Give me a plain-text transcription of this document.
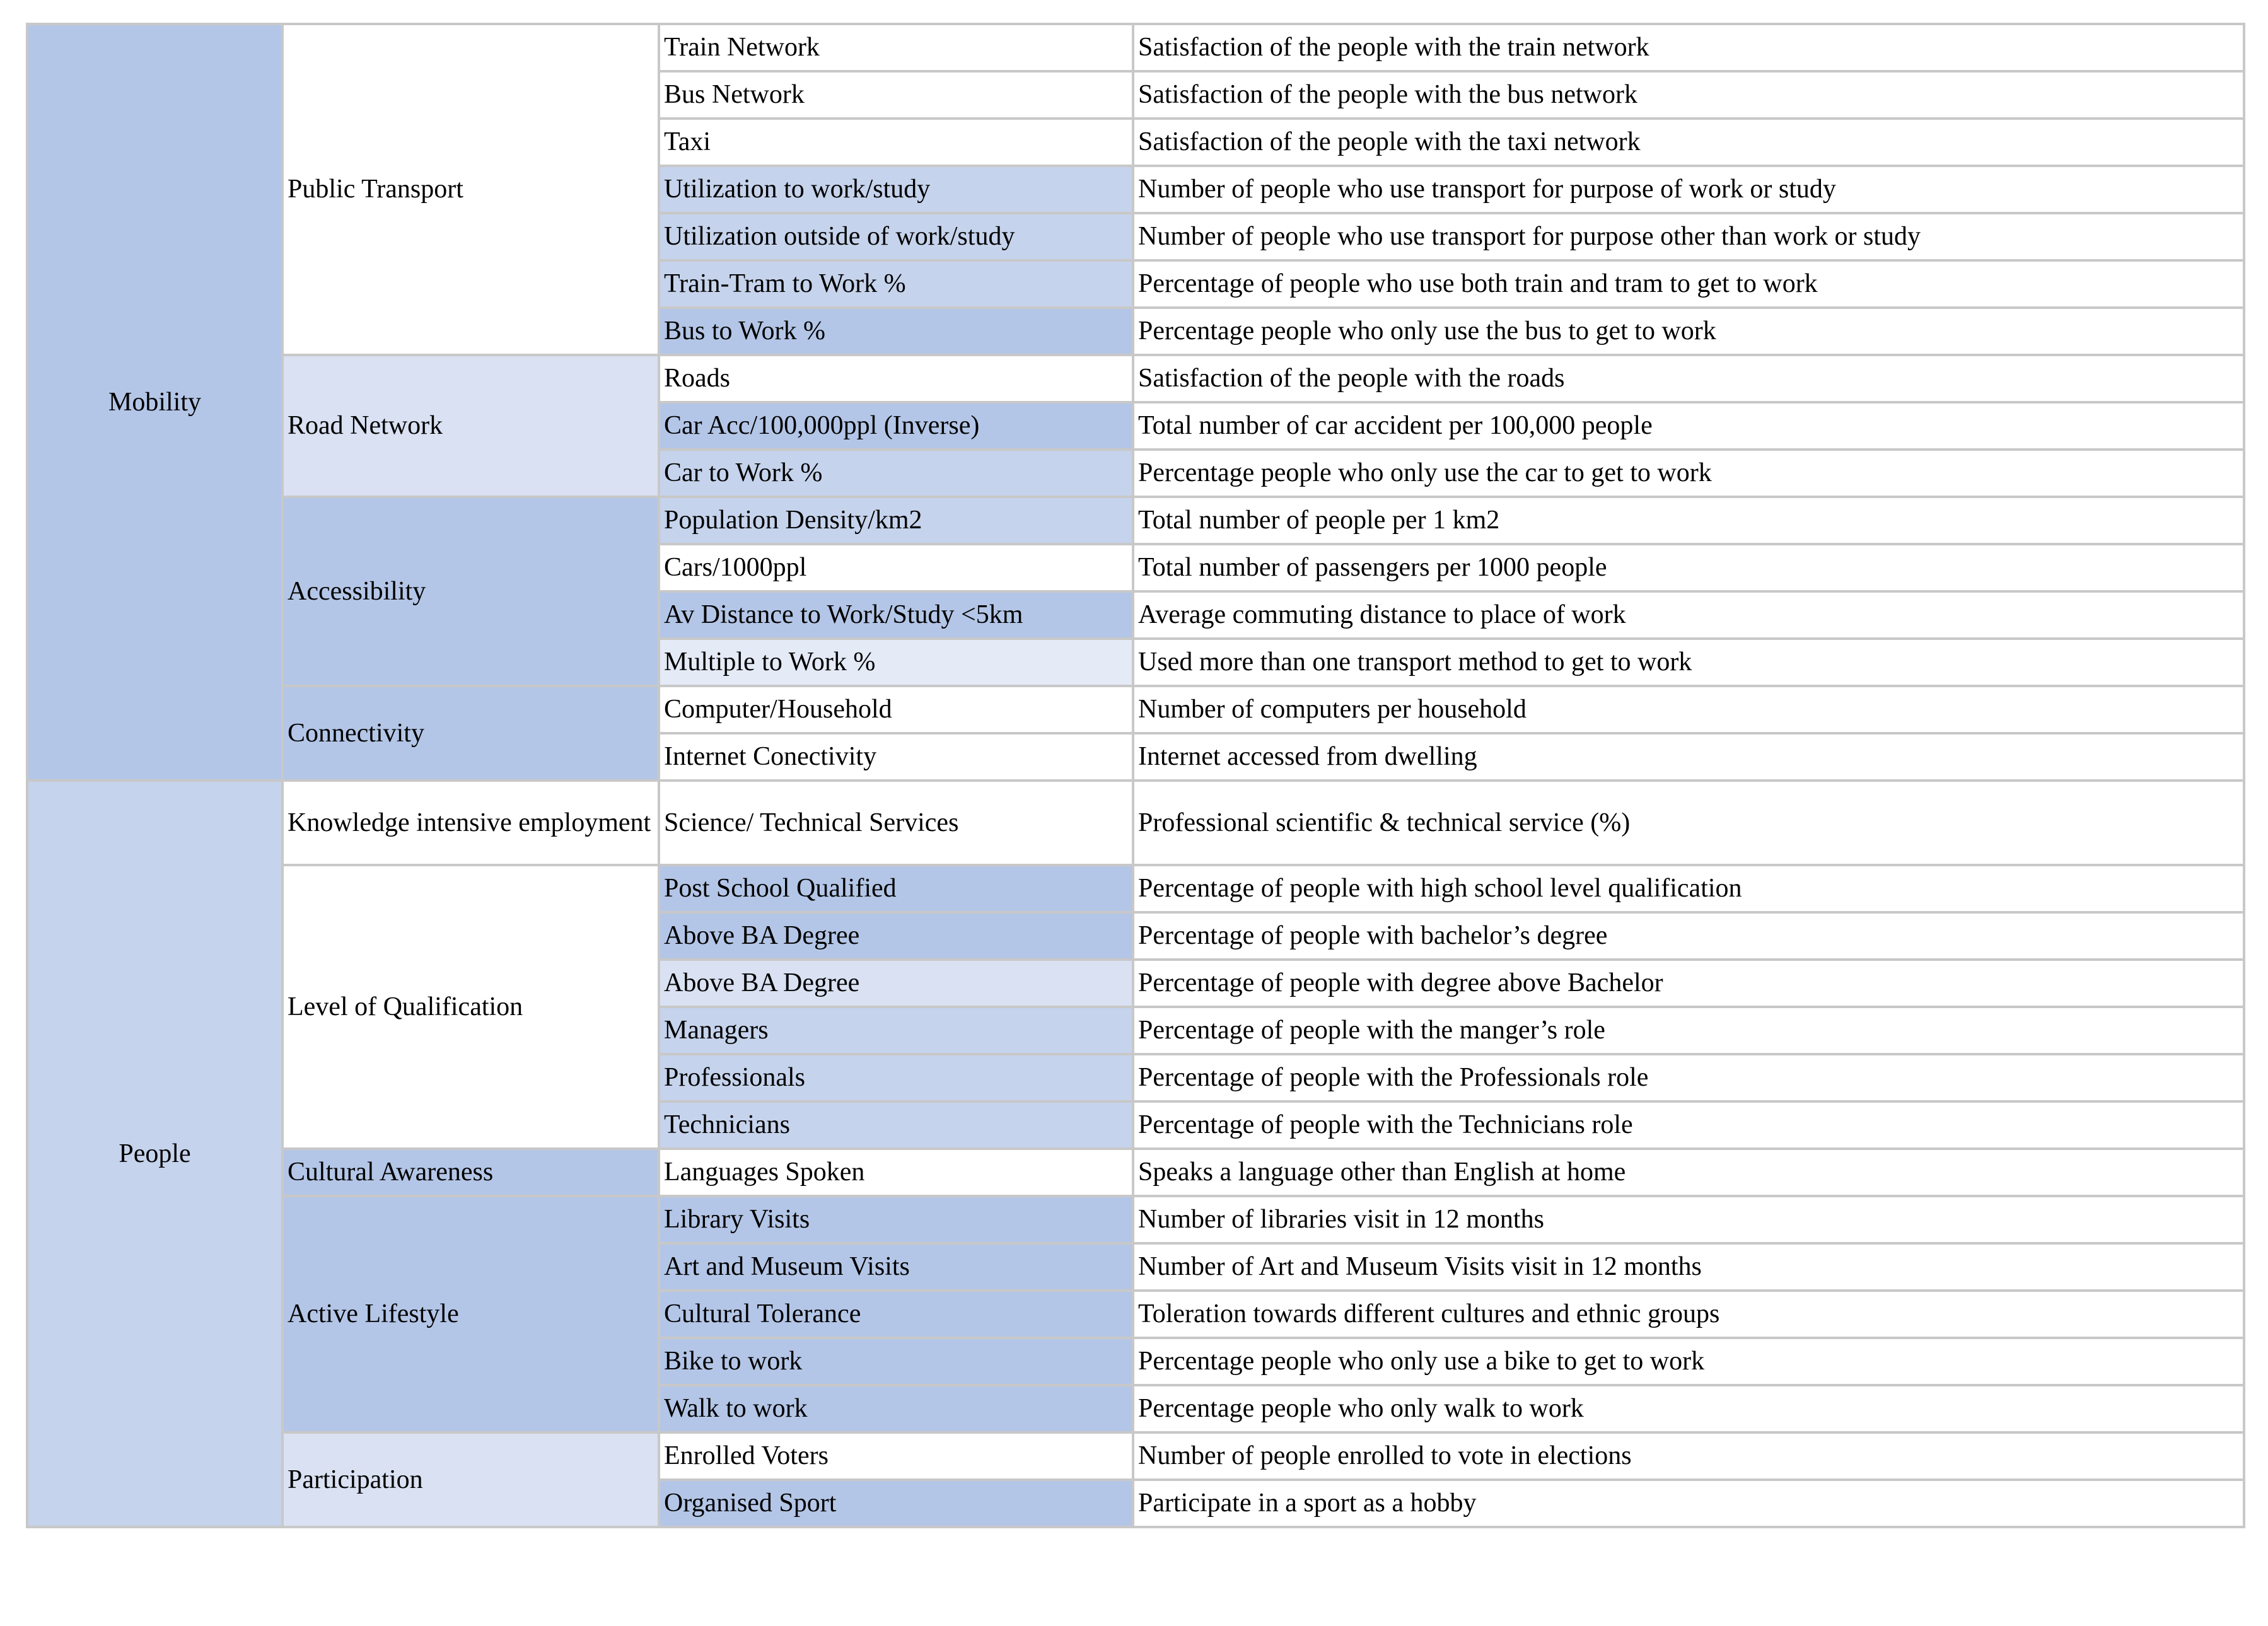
Mobility	Public Transport	Train Network	Satisfaction of the people with the train network
		Bus Network	Satisfaction of the people with the bus network
		Taxi	Satisfaction of the people with the taxi network
		Utilization to work/study	Number of people who use transport for purpose of work or study
		Utilization outside of work/study	Number of people who use transport for purpose other than work or study
		Train-Tram to Work %	Percentage of people who use both train and tram to get to work
		Bus to Work %	Percentage people who only use the bus to get to work
	Road Network	Roads	Satisfaction of the people with the roads
		Car Acc/100,000ppl (Inverse)	Total number of car accident per 100,000 people
		Car to Work %	Percentage people who only use the car to get to work
	Accessibility	Population Density/km2	Total number of people per 1 km2
		Cars/1000ppl	Total number of passengers per 1000 people
		Av Distance to Work/Study <5km	Average commuting distance to place of work
		Multiple to Work %	Used more than one transport method to get to work
	Connectivity	Computer/Household	Number of computers per household
		Internet Conectivity	Internet accessed from dwelling
People	Knowledge intensive employment	Science/ Technical Services	Professional scientific & technical service (%)
	Level of Qualification	Post School Qualified	Percentage of people with high school level qualification
		Above BA Degree	Percentage of people with bachelor’s degree
		Above BA Degree	Percentage of people with degree above Bachelor
		Managers	Percentage of people with the manger’s role
		Professionals	Percentage of people with the Professionals role
		Technicians	Percentage of people with the Technicians role
	Cultural Awareness	Languages Spoken	Speaks a language other than English at home
	Active Lifestyle	Library Visits	Number of libraries visit in 12 months
		Art and Museum Visits	Number of Art and Museum Visits visit in 12 months
		Cultural Tolerance	Toleration towards different cultures and ethnic groups
		Bike to work	Percentage people who only use a bike to get to work
		Walk to work	Percentage people who only walk to work
	Participation	Enrolled Voters	Number of people enrolled to vote in elections
		Organised Sport	Participate in a sport as a hobby
